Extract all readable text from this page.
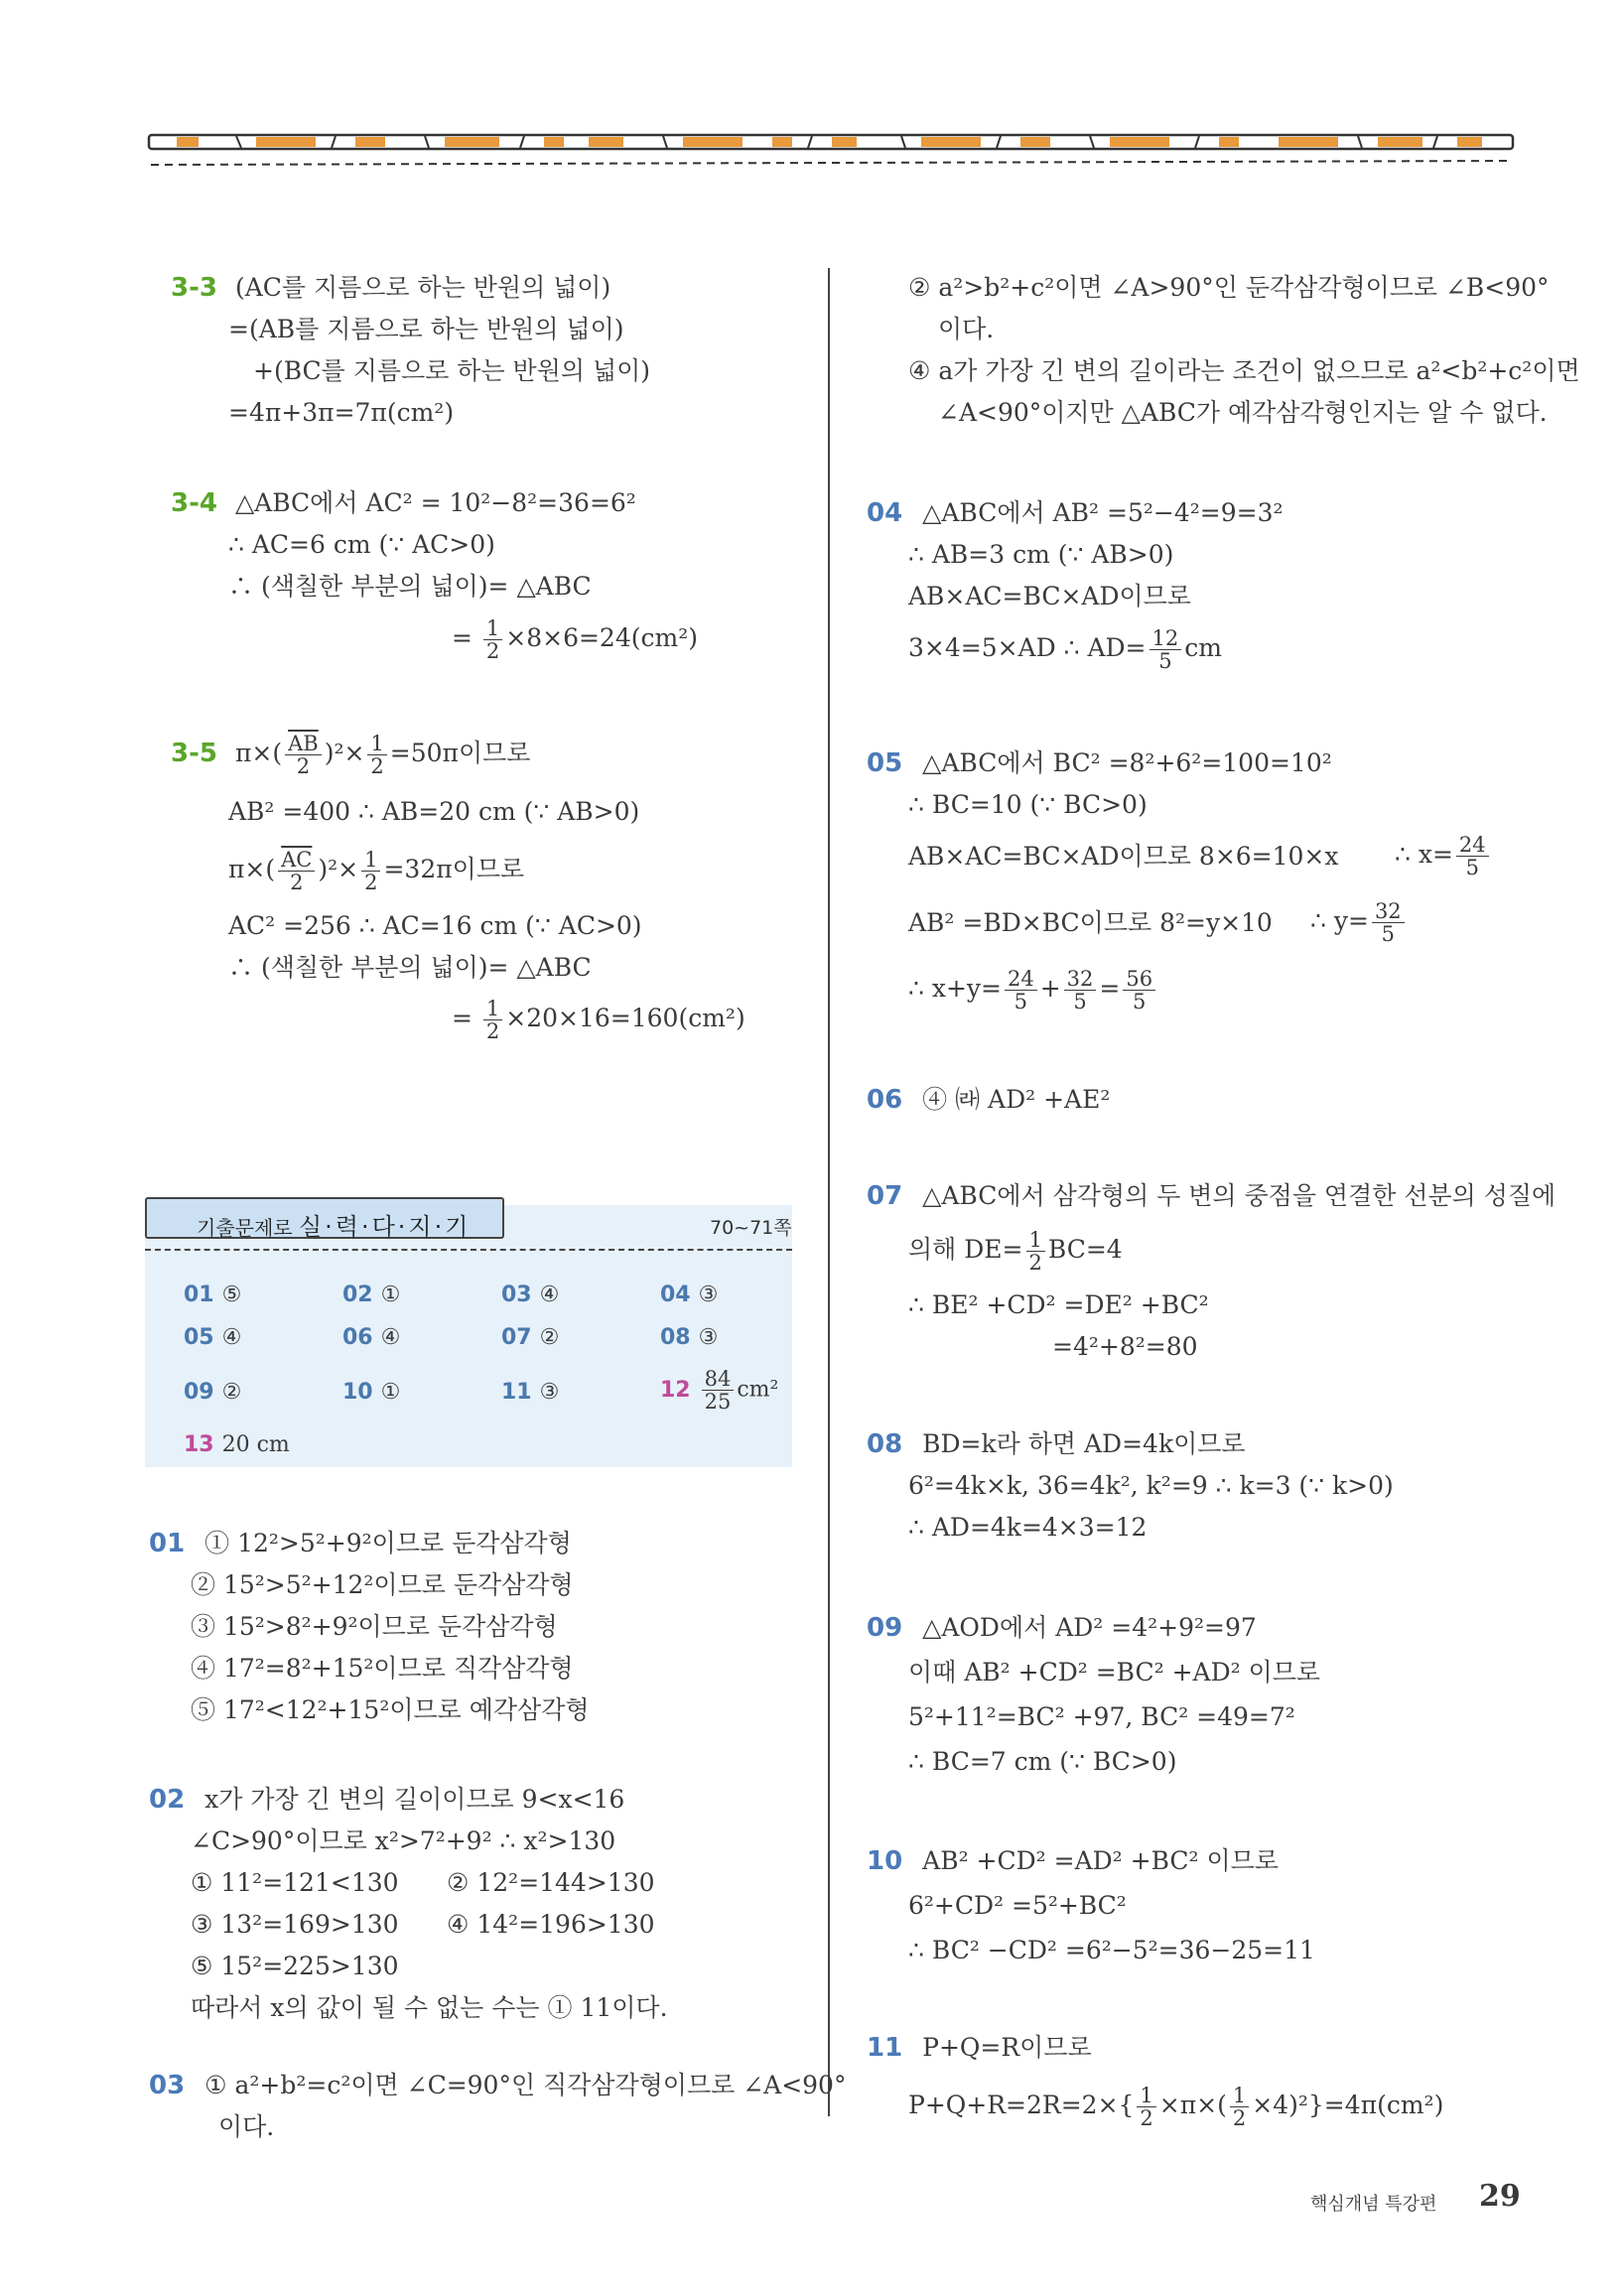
3-3 (AC를 지름으로 하는 반원의 넓이)
=(AB를 지름으로 하는 반원의 넓이)
+(BC를 지름으로 하는 반원의 넓이)
=4π+3π=7π(cm²)
3-4 △ABC에서 AC² = 10²−8²=36=6²
∴ AC=6 cm (∵ AC>0)
∴ (색칠한 부분의 넓이)= △ABC
= $\frac{1}{2} \times 8\times 6=24(cm^2)$
3-5 $\pi\times( \frac{\overline{AB}}{2} )^2\times \frac{1}{2} =50\pi$이므로
AB² =400 ∴ AB=20 cm (∵ AB>0)
$\pi\times( \frac{\overline{AC}}{2} )^2\times \frac{1}{2} =32\pi$이므로
AC² =256 ∴ AC=16 cm (∵ AC>0)
∴ (색칠한 부분의 넓이)= △ABC
= $\frac{1}{2} \times 20\times 16=160(cm^2)$
기출문제로 실·력·다·지·기	70~71쪽
01 ⑤	02 ①	03 ④	04 ③
05 ④	06 ④	07 ②	08 ③
09 ②	10 ①	11 ③	$12 \frac{84}{25} cm^2$
13 20 cm
01 ① 12²>5²+9²이므로 둔각삼각형
② 15²>5²+12²이므로 둔각삼각형
③ 15²>8²+9²이므로 둔각삼각형
④ 17²=8²+15²이므로 직각삼각형
⑤ 17²<12²+15²이므로 예각삼각형
02 x가 가장 긴 변의 길이이므로 9<x<16
∠C>90°이므로 x²>7²+9² ∴ x²>130
① 11²=121<130 ② 12²=144>130
③ 13²=169>130 ④ 14²=196>130
⑤ 15²=225>130
따라서 x의 값이 될 수 없는 수는 ① 11이다.
03 ① a²+b²=c²이면 ∠C=90°인 직각삼각형이므로 ∠A<90°
이다.
② a²>b²+c²이면 ∠A>90°인 둔각삼각형이므로 ∠B<90°
이다.
④ a가 가장 긴 변의 길이라는 조건이 없으므로 a²<b²+c²이면
∠A<90°이지만 △ABC가 예각삼각형인지는 알 수 없다.
04 △ABC에서 AB² =5²−4²=9=3²
∴ AB=3 cm (∵ AB>0)
AB×AC=BC×AD이므로
3×4=5×AD ∴ $AD= \frac{12}{5}$ cm
05 △ABC에서 BC² =8²+6²=100=10²
∴ BC=10 (∵ BC>0)
AB×AC=BC×AD이므로 8×6=10×x ∴ $x= \frac{24}{5}$
AB² =BD×BC이므로 8²=y×10 ∴ $y= \frac{32}{5}$
∴ $x+y= \frac{24}{5} + \frac{32}{5} = \frac{56}{5}$
06 ④ ㈑ AD² +AE²
07 △ABC에서 삼각형의 두 변의 중점을 연결한 선분의 성질에
의해 $DE= \frac{1}{2} BC=4$
∴ BE² +CD² =DE² +BC²
=4²+8²=80
08 BD=k라 하면 AD=4k이므로
6²=4k×k, 36=4k², k²=9 ∴ k=3 (∵ k>0)
∴ AD=4k=4×3=12
09 △AOD에서 AD² =4²+9²=97
이때 AB² +CD² =BC² +AD² 이므로
5²+11²=BC² +97, BC² =49=7²
∴ BC=7 cm (∵ BC>0)
10 AB² +CD² =AD² +BC² 이므로
6²+CD² =5²+BC²
∴ BC² −CD² =6²−5²=36−25=11
11 P+Q=R이므로
$P+Q+R=2R=2\times\{ \frac{1}{2} \times\pi\times( \frac{1}{2} \times 4)^2\}=4\pi(cm^2)$
핵심개념 특강편 29
